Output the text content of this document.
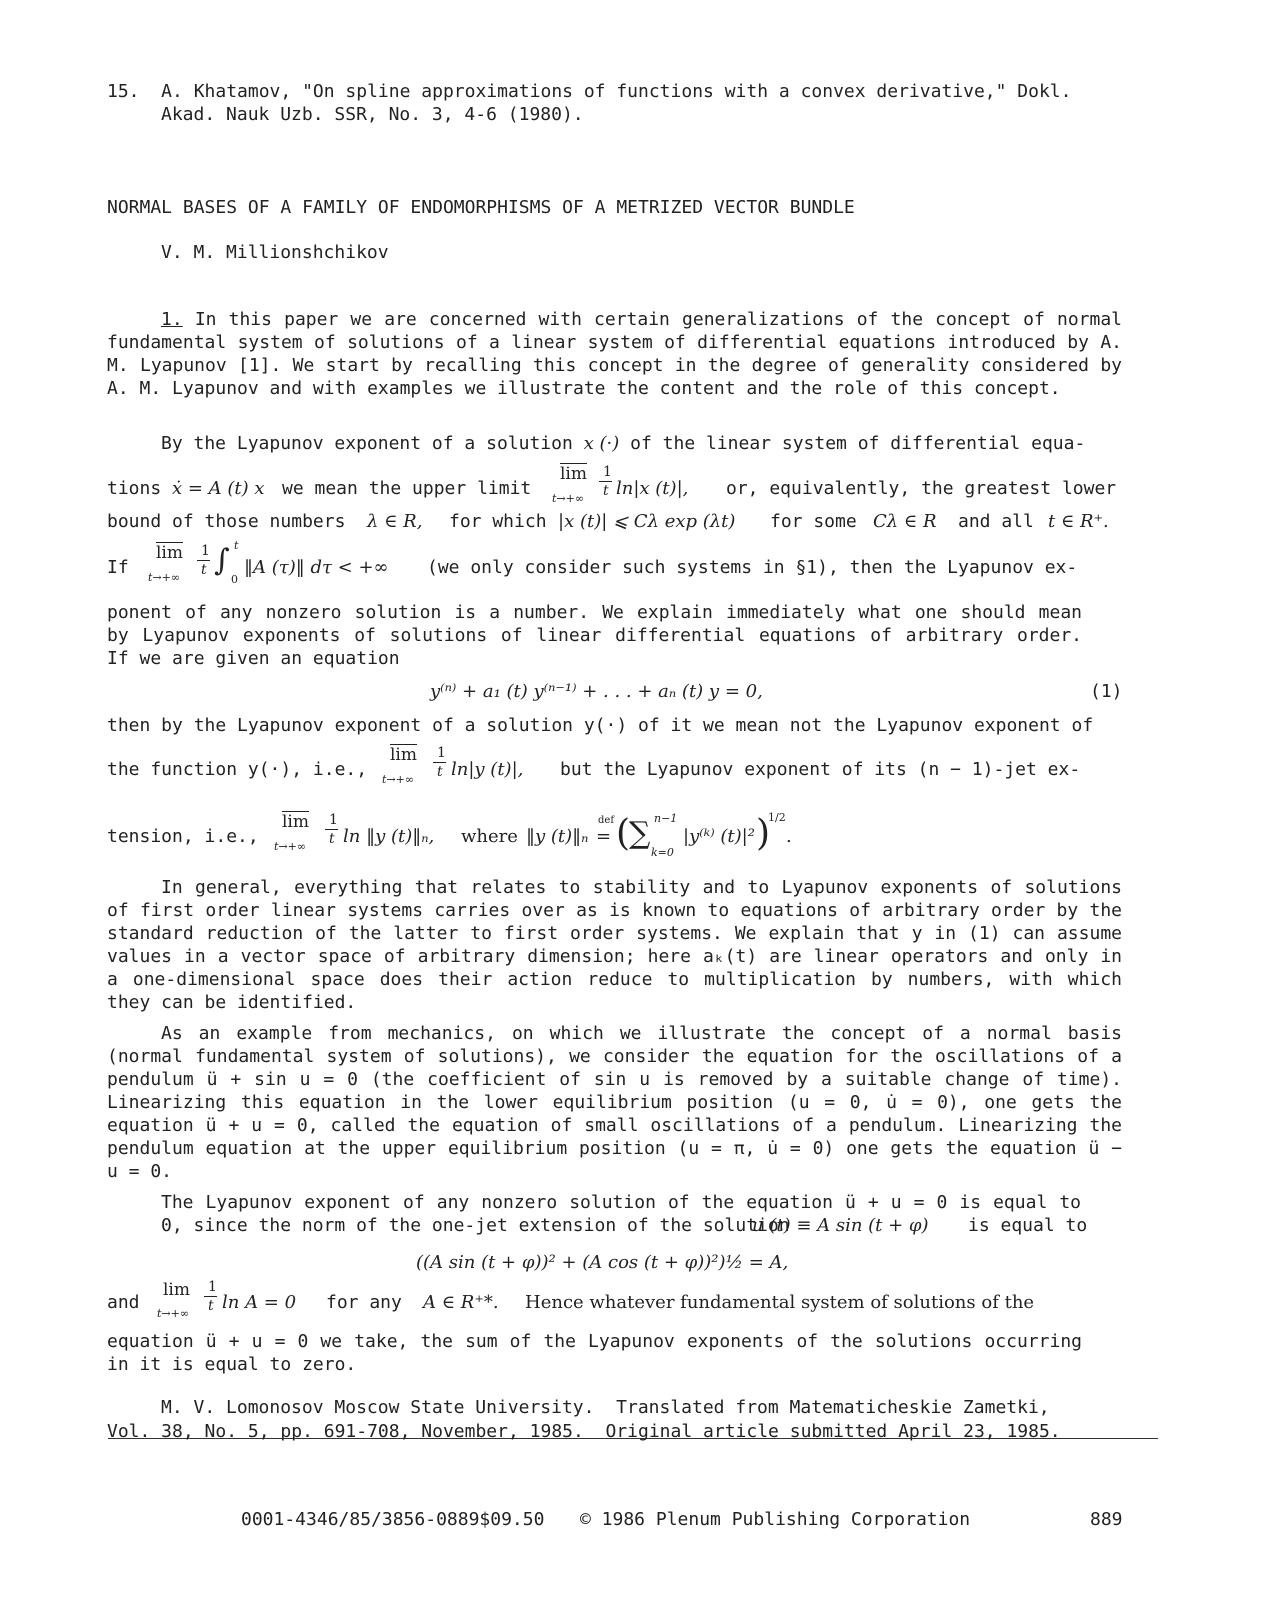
15.  A. Khatamov, "On spline approximations of functions with a convex derivative," Dokl.
Akad. Nauk Uzb. SSR, No. 3, 4-6 (1980).
NORMAL BASES OF A FAMILY OF ENDOMORPHISMS OF A METRIZED VECTOR BUNDLE
V. M. Millionshchikov
1. In this paper we are concerned with certain generalizations of the concept of normal fundamental system of solutions of a linear system of differential equations introduced by A. M. Lyapunov [1]. We start by recalling this concept in the degree of generality considered by A. M. Lyapunov and with examples we illustrate the content and the role of this concept.
By the Lyapunov exponent of a solution x (·) of the linear system of differential equa-
tions ẋ = A (t) x we mean the upper limit
$\overline{lim}$
t→+∞
1
t ln|x (t)|, or, equivalently, the greatest lower
bound of those numbers λ ∈ R, for which |x (t)| ⩽ Cλ exp (λt) for some Cλ ∈ R and all t ∈ R⁺.
If
$\overline{lim}$
t→+∞
1
t ∫ t
0
‖A (τ)‖ dτ < +∞ (we only consider such systems in §1), then the Lyapunov ex-
ponent of any nonzero solution is a number. We explain immediately what one should mean by Lyapunov exponents of solutions of linear differential equations of arbitrary order. If we are given an equation
y⁽ⁿ⁾ + a₁ (t) y⁽ⁿ⁻¹⁾ + . . . + aₙ (t) y = 0,	(1)
then by the Lyapunov exponent of a solution y(·) of it we mean not the Lyapunov exponent of
the function y(·), i.e.,
$\overline{lim}$
t→+∞
1
t ln|y (t)|, but the Lyapunov exponent of its (n − 1)-jet ex-
tension, i.e.,
$\overline{lim}$
t→+∞
1
t ln ‖y (t)‖ₙ, where ‖y (t)‖ₙ
def
= (
∑ n−1
k=0
|y⁽ᵏ⁾ (t)|² )
1/2
.
In general, everything that relates to stability and to Lyapunov exponents of solutions of first order linear systems carries over as is known to equations of arbitrary order by the standard reduction of the latter to first order systems. We explain that y in (1) can assume values in a vector space of arbitrary dimension; here aₖ(t) are linear operators and only in a one-dimensional space does their action reduce to multiplication by numbers, with which they can be identified.
As an example from mechanics, on which we illustrate the concept of a normal basis (normal fundamental system of solutions), we consider the equation for the oscillations of a pendulum ü + sin u = 0 (the coefficient of sin u is removed by a suitable change of time). Linearizing this equation in the lower equilibrium position (u = 0, u̇ = 0), one gets the equation ü + u = 0, called the equation of small oscillations of a pendulum. Linearizing the pendulum equation at the upper equilibrium position (u = π, u̇ = 0) one gets the equation ü − u = 0.
The Lyapunov exponent of any nonzero solution of the equation ü + u = 0 is equal to 0, since the norm of the one-jet extension of the solution
u (t) ≡ A sin (t + φ) is equal to
((A sin (t + φ))² + (A cos (t + φ))²)½ = A,
and
lim
t→+∞
1
t ln A = 0 for any A ∈ R⁺*. Hence whatever fundamental system of solutions of the
equation ü + u = 0 we take, the sum of the Lyapunov exponents of the solutions occurring in it is equal to zero.
M. V. Lomonosov Moscow State University.  Translated from Matematicheskie Zametki,
Vol. 38, No. 5, pp. 691-708, November, 1985.  Original article submitted April 23, 1985.
0001-4346/85/3856-0889$09.50 © 1986 Plenum Publishing Corporation	889
